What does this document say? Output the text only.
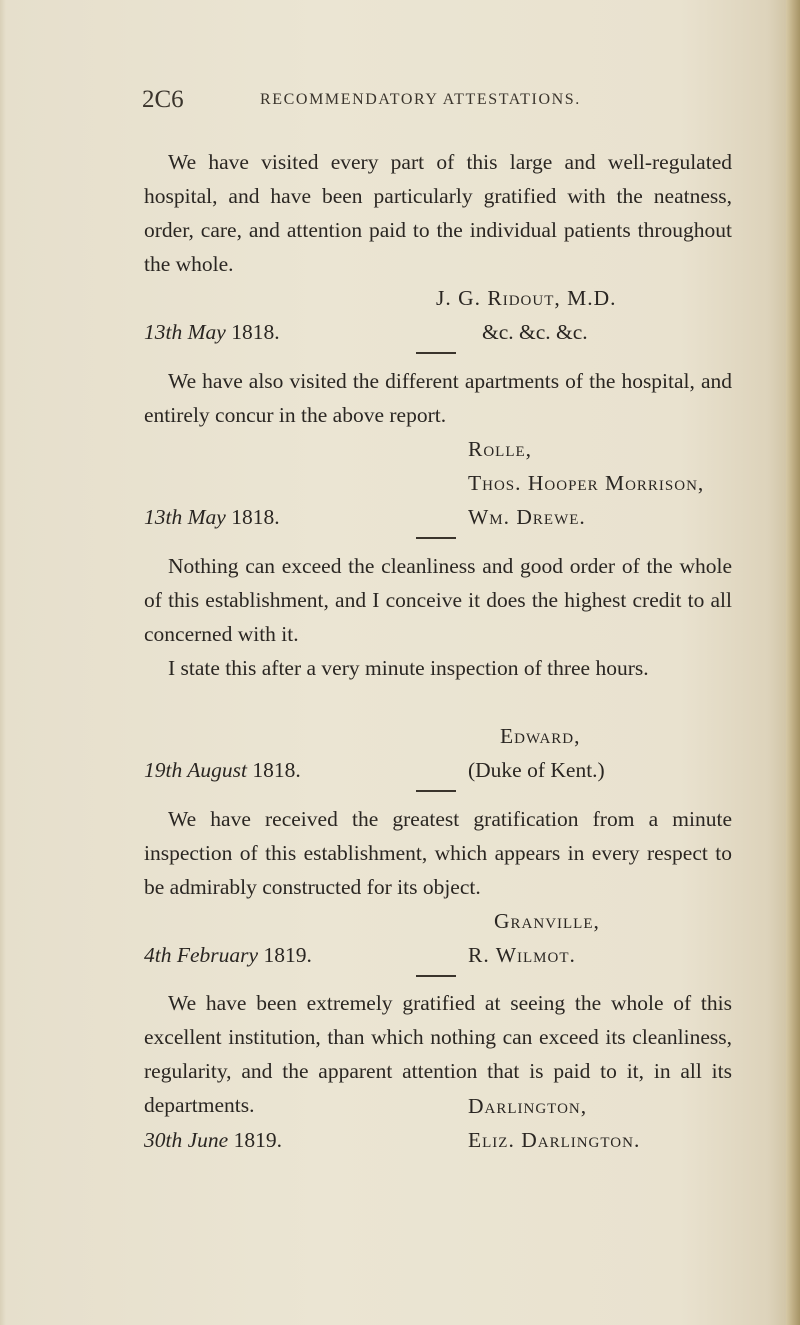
2C6	RECOMMENDATORY ATTESTATIONS.

We have visited every part of this large and well-regulated hospital, and have been particularly gratified with the neatness, order, care, and attention paid to the individual patients throughout the whole.

J. G. Ridout, M.D.
13th May 1818.	&c. &c. &c.

We have also visited the different apartments of the hospital, and entirely concur in the above report.

Rolle,
Thos. Hooper Morrison,
13th May 1818.	Wm. Drewe.

Nothing can exceed the cleanliness and good order of the whole of this establishment, and I conceive it does the highest credit to all concerned with it.

I state this after a very minute inspection of three hours.

Edward,
19th August 1818.	(Duke of Kent.)

We have received the greatest gratification from a minute inspection of this establishment, which appears in every respect to be admirably constructed for its object.

Granville,
4th February 1819.	R. Wilmot.

We have been extremely gratified at seeing the whole of this excellent institution, than which nothing can exceed its cleanliness, regularity, and the apparent attention that is paid to it, in all its departments.	Darlington,
30th June 1819.	Eliz. Darlington.
